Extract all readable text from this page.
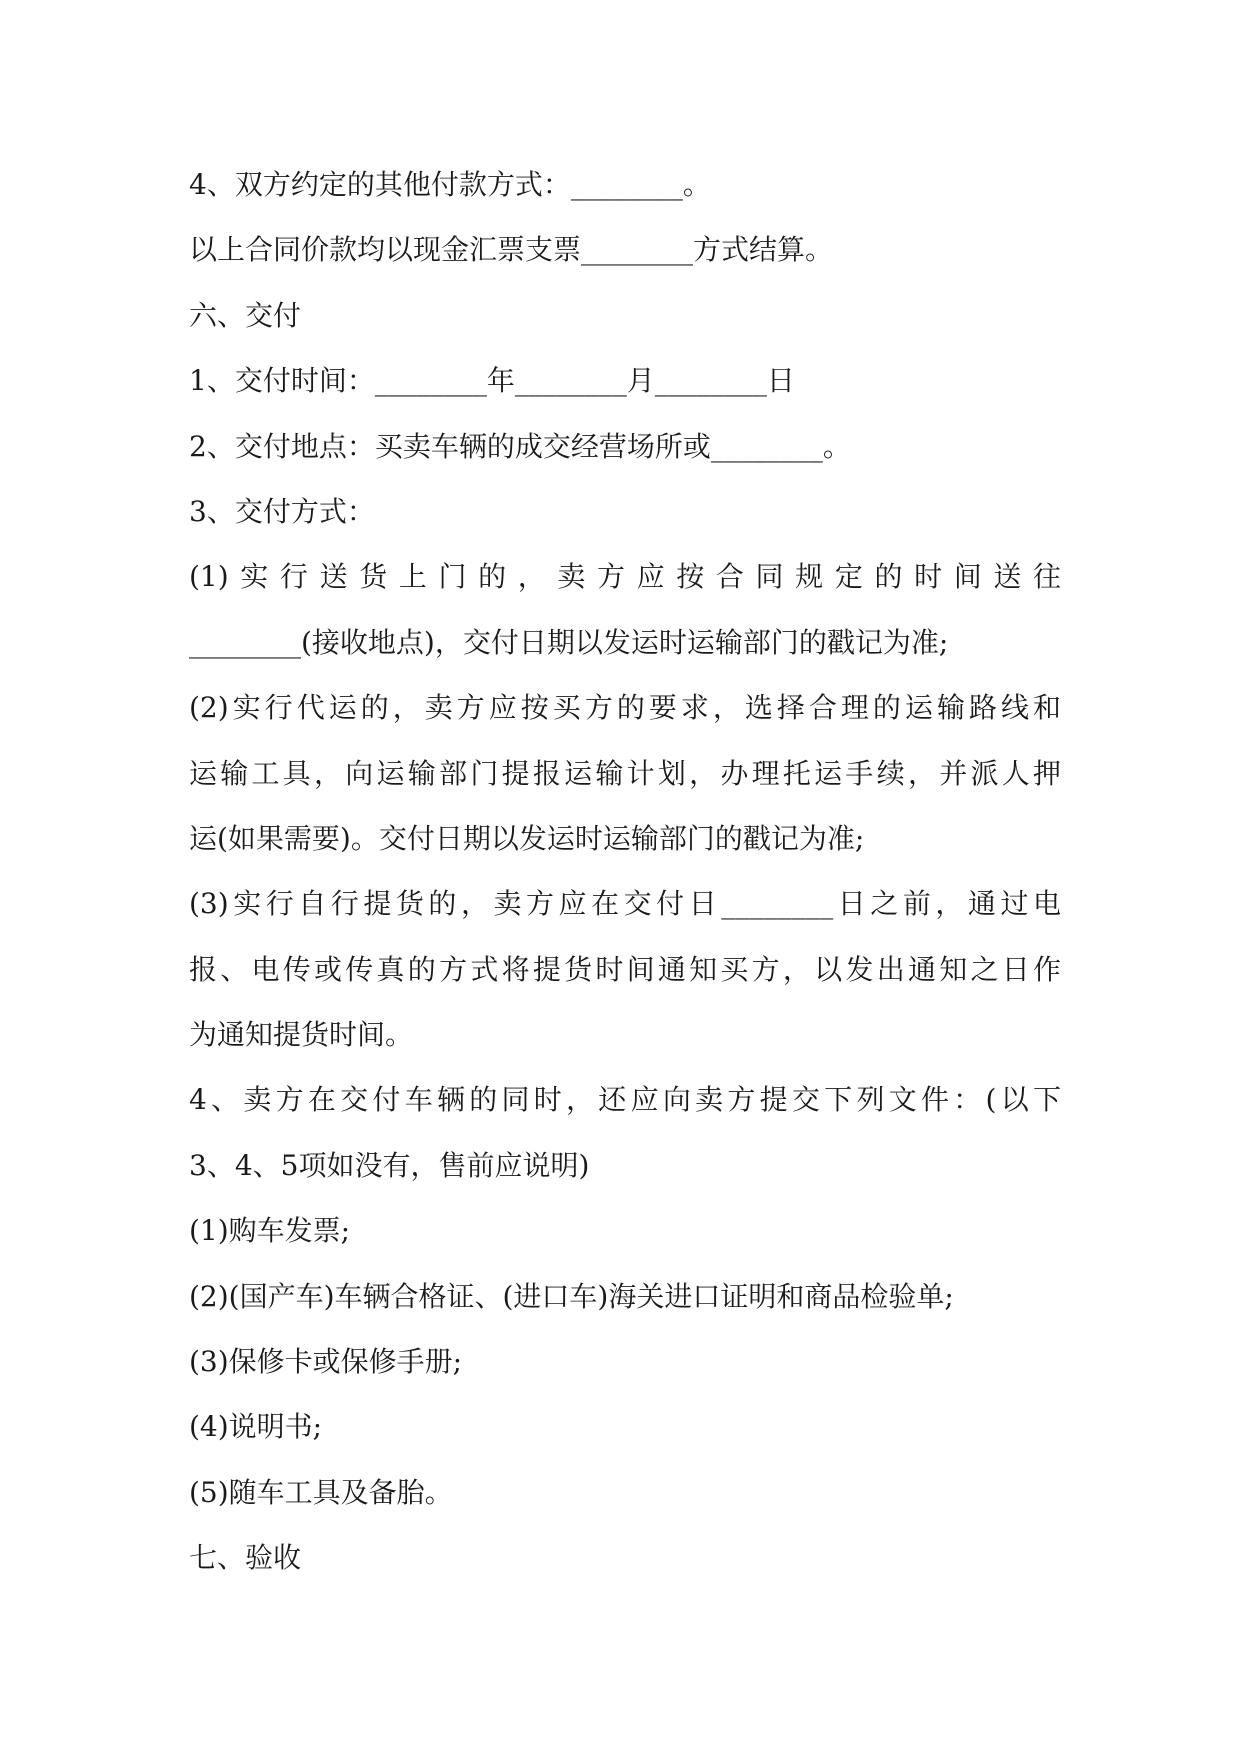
4、双方约定的其他付款方式：________。
以上合同价款均以现金汇票支票________方式结算。
六、交付
1、交付时间：________年________月________日
2、交付地点：买卖车辆的成交经营场所或________。
3、交付方式：
(1)实行送货上门的，卖方应按合同规定的时间送往
________(接收地点)，交付日期以发运时运输部门的戳记为准;
(2)实行代运的，卖方应按买方的要求，选择合理的运输路线和
运输工具，向运输部门提报运输计划，办理托运手续，并派人押
运(如果需要)。交付日期以发运时运输部门的戳记为准;
(3)实行自行提货的，卖方应在交付日________日之前，通过电
报、电传或传真的方式将提货时间通知买方，以发出通知之日作
为通知提货时间。
4、卖方在交付车辆的同时，还应向卖方提交下列文件：(以下
3、4、5项如没有，售前应说明)
(1)购车发票;
(2)(国产车)车辆合格证、(进口车)海关进口证明和商品检验单;
(3)保修卡或保修手册;
(4)说明书;
(5)随车工具及备胎。
七、验收
